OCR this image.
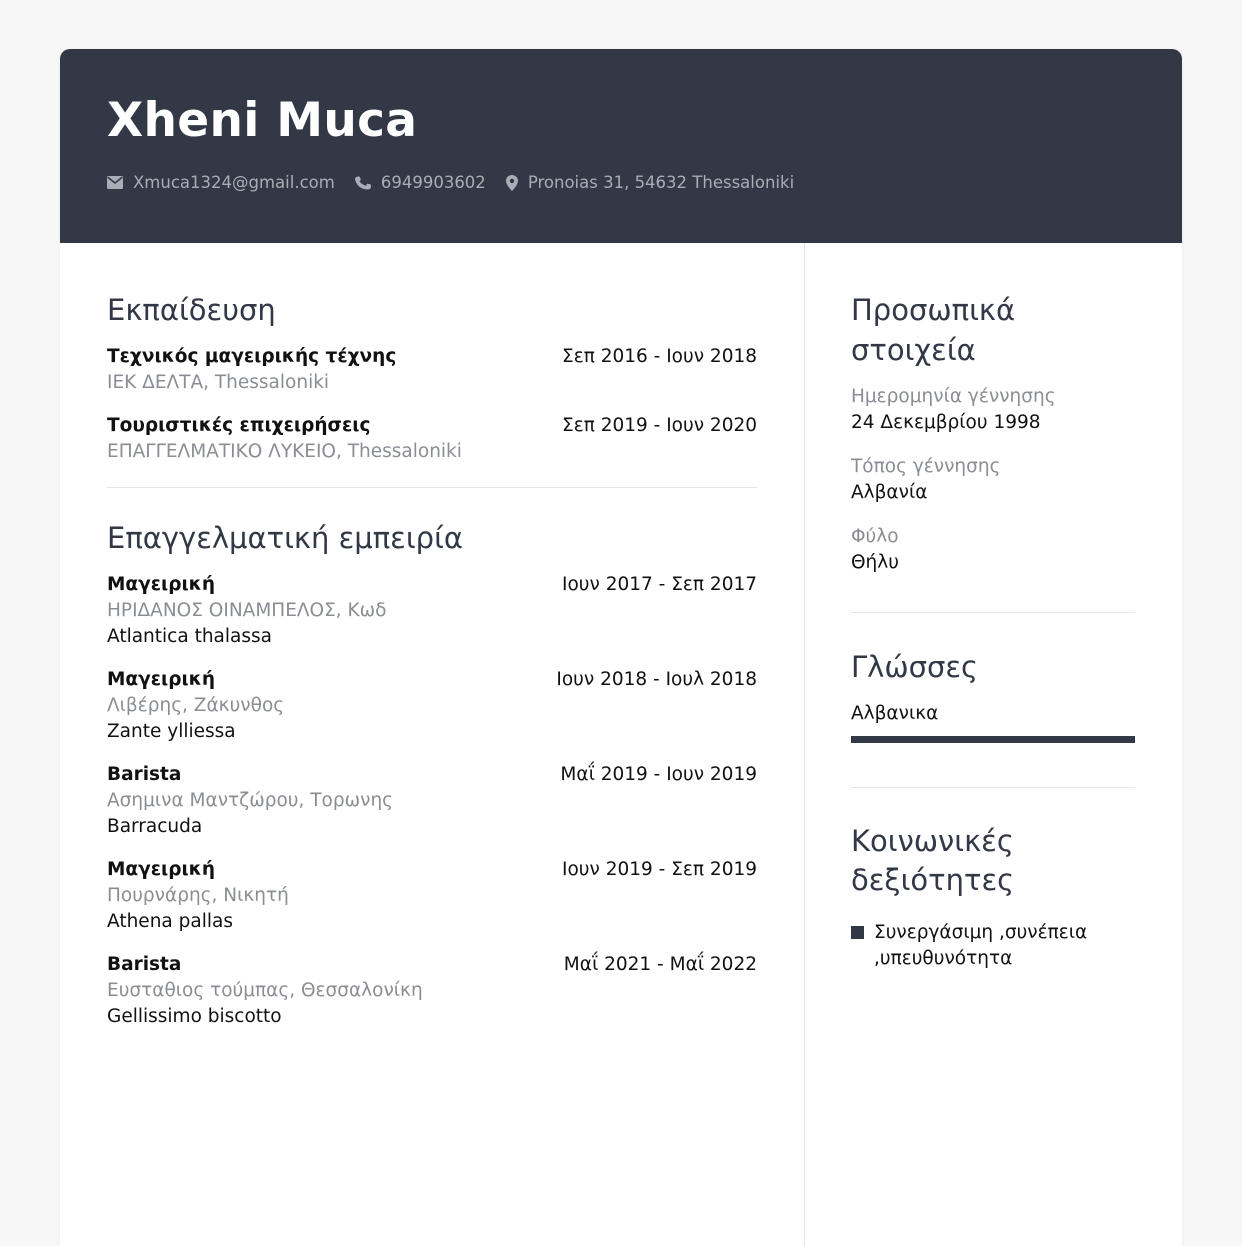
Xheni Muca
Xmuca1324@gmail.com	6949903602	Pronoias 31, 54632 Thessaloniki
Εκπαίδευση
Τεχνικός μαγειρικής τέχνης	Σεπ 2016 - Ιουν 2018
ΙΕΚ ΔΕΛΤΑ, Thessaloniki
Τουριστικές επιχειρήσεις	Σεπ 2019 - Ιουν 2020
ΕΠΑΓΓΕΛΜΑΤΙΚΟ ΛΥΚΕΙΟ, Thessaloniki
Επαγγελματική εμπειρία
Μαγειρική	Ιουν 2017 - Σεπ 2017
ΗΡΙΔΑΝΟΣ ΟΙΝΑΜΠΕΛΟΣ, Κωδ
Atlantica thalassa
Μαγειρική	Ιουν 2018 - Ιουλ 2018
Λιβέρης, Ζάκυνθος
Zante ylliessa
Barista	Μαΐ 2019 - Ιουν 2019
Ασημινα Μαντζώρου, Τορωνης
Barracuda
Μαγειρική	Ιουν 2019 - Σεπ 2019
Πουρνάρης, Νικητή
Athena pallas
Barista	Μαΐ 2021 - Μαΐ 2022
Ευσταθιος τούμπας, Θεσσαλονίκη
Gellissimo biscotto
Προσωπικά στοιχεία
Ημερομηνία γέννησης
24 Δεκεμβρίου 1998
Τόπος γέννησης
Αλβανία
Φύλο
Θήλυ
Γλώσσες
Αλβανικα
Κοινωνικές δεξιότητες
Συνεργάσιμη ,συνέπεια ,υπευθυνότητα
